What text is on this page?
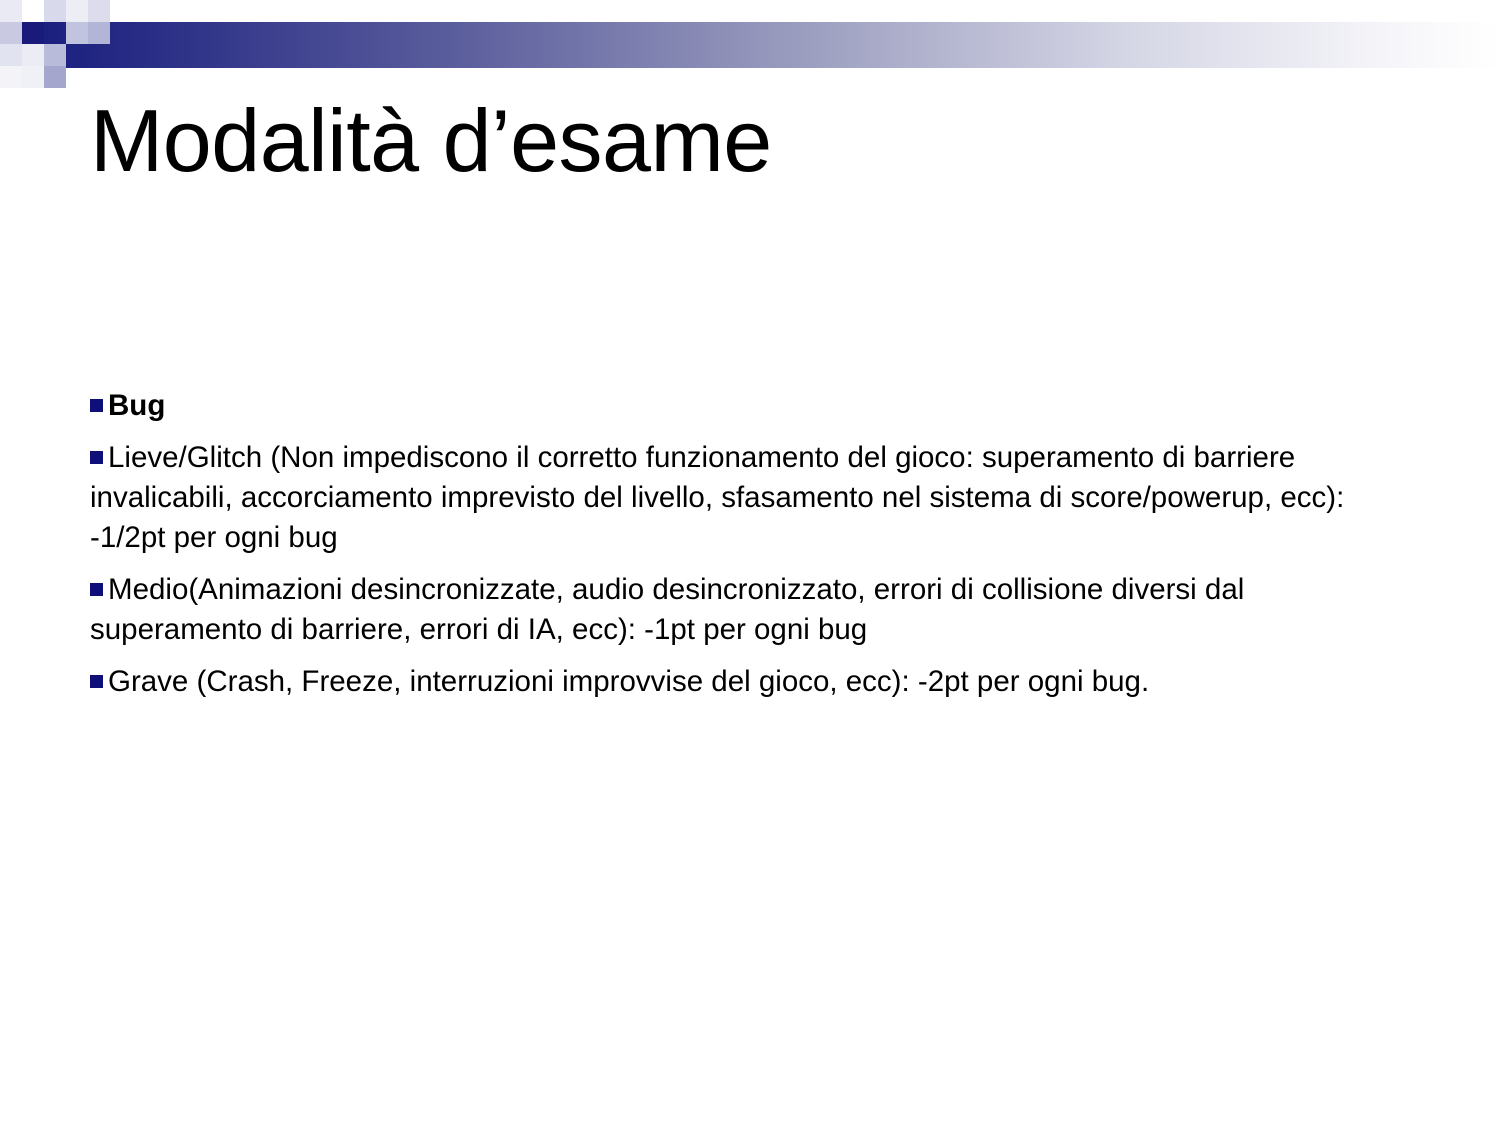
Modalità d’esame

Bug

Lieve/Glitch (Non impediscono il corretto funzionamento del gioco: superamento di barriere invalicabili, accorciamento imprevisto del livello, sfasamento nel sistema di score/powerup, ecc): -1/2pt per ogni bug

Medio(Animazioni desincronizzate, audio desincronizzato, errori di collisione diversi dal superamento di barriere, errori di IA, ecc): -1pt per ogni bug

Grave (Crash, Freeze, interruzioni improvvise del gioco, ecc): -2pt per ogni bug.
